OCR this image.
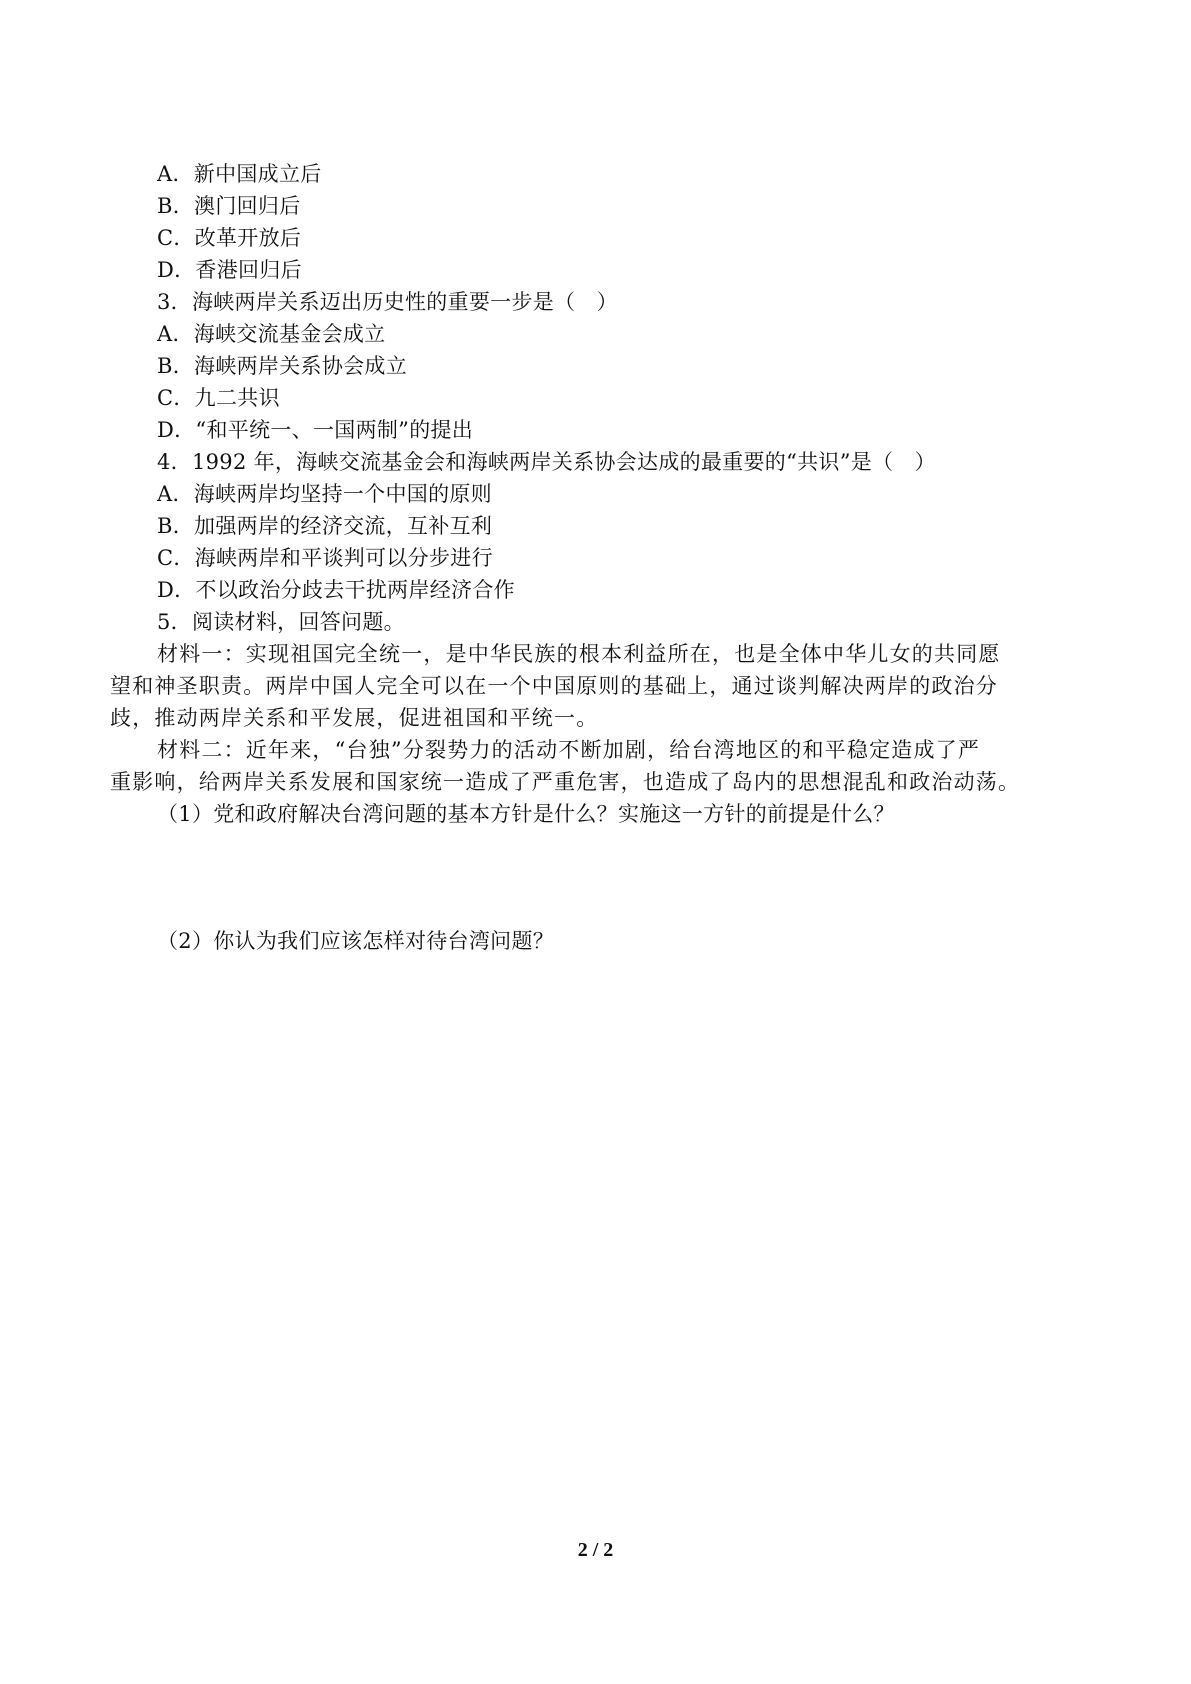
A．新中国成立后
B．澳门回归后
C．改革开放后
D．香港回归后
3．海峡两岸关系迈出历史性的重要一步是（　）
A．海峡交流基金会成立
B．海峡两岸关系协会成立
C．九二共识
D．“和平统一、一国两制”的提出
4．1992 年，海峡交流基金会和海峡两岸关系协会达成的最重要的“共识”是（　）
A．海峡两岸均坚持一个中国的原则
B．加强两岸的经济交流，互补互利
C．海峡两岸和平谈判可以分步进行
D．不以政治分歧去干扰两岸经济合作
5．阅读材料，回答问题。
材料一：实现祖国完全统一，是中华民族的根本利益所在，也是全体中华儿女的共同愿
望和神圣职责。两岸中国人完全可以在一个中国原则的基础上，通过谈判解决两岸的政治分
歧，推动两岸关系和平发展，促进祖国和平统一。
材料二：近年来，“台独”分裂势力的活动不断加剧，给台湾地区的和平稳定造成了严
重影响，给两岸关系发展和国家统一造成了严重危害，也造成了岛内的思想混乱和政治动荡。
（1）党和政府解决台湾问题的基本方针是什么？实施这一方针的前提是什么？
（2）你认为我们应该怎样对待台湾问题？
2 / 2
